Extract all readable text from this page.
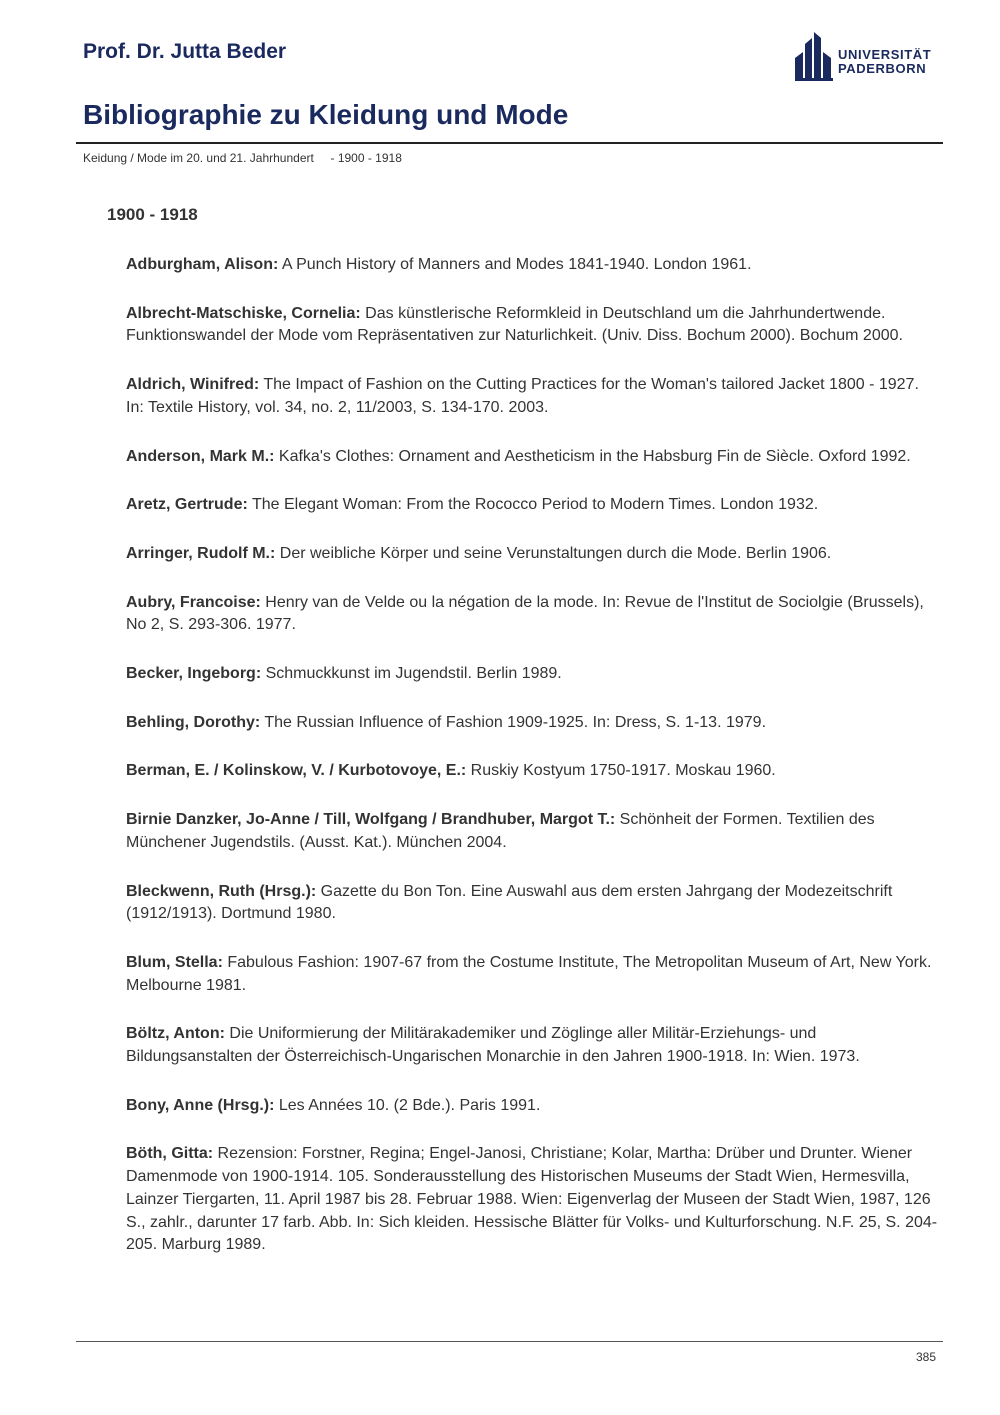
Prof. Dr. Jutta Beder	UNIVERSITÄT
PADERBORN
Bibliographie zu Kleidung und Mode
Keidung / Mode im 20. und 21. Jahrhundert     - 1900 - 1918
1900 - 1918

Adburgham, Alison: A Punch History of Manners and Modes 1841-1940. London 1961.

Albrecht-Matschiske, Cornelia: Das künstlerische Reformkleid in Deutschland um die Jahrhundertwende. Funktionswandel der Mode vom Repräsentativen zur Naturlichkeit. (Univ. Diss. Bochum 2000). Bochum 2000.

Aldrich, Winifred: The Impact of Fashion on the Cutting Practices for the Woman's tailored Jacket 1800 - 1927. In: Textile History, vol. 34, no. 2, 11/2003, S. 134-170. 2003.

Anderson, Mark M.: Kafka's Clothes: Ornament and Aestheticism in the Habsburg Fin de Siècle. Oxford 1992.

Aretz, Gertrude: The Elegant Woman: From the Rococco Period to Modern Times. London 1932.

Arringer, Rudolf M.: Der weibliche Körper und seine Verunstaltungen durch die Mode. Berlin 1906.

Aubry, Francoise: Henry van de Velde ou la négation de la mode. In: Revue de l'Institut de Sociolgie (Brussels), No 2, S. 293-306. 1977.

Becker, Ingeborg: Schmuckkunst im Jugendstil. Berlin 1989.

Behling, Dorothy: The Russian Influence of Fashion 1909-1925. In: Dress, S. 1-13. 1979.

Berman, E. / Kolinskow, V. / Kurbotovoye, E.: Ruskiy Kostyum 1750-1917. Moskau 1960.

Birnie Danzker, Jo-Anne / Till, Wolfgang / Brandhuber, Margot T.: Schönheit der Formen. Textilien des Münchener Jugendstils. (Ausst. Kat.). München 2004.

Bleckwenn, Ruth (Hrsg.): Gazette du Bon Ton. Eine Auswahl aus dem ersten Jahrgang der Modezeitschrift (1912/1913). Dortmund 1980.

Blum, Stella: Fabulous Fashion: 1907-67 from the Costume Institute, The Metropolitan Museum of Art, New York. Melbourne 1981.

Böltz, Anton: Die Uniformierung der Militärakademiker und Zöglinge aller Militär-Erziehungs- und Bildungsanstalten der Österreichisch-Ungarischen Monarchie in den Jahren 1900-1918. In: Wien. 1973.

Bony, Anne (Hrsg.): Les Années 10. (2 Bde.). Paris 1991.

Böth, Gitta: Rezension: Forstner, Regina; Engel-Janosi, Christiane; Kolar, Martha: Drüber und Drunter. Wiener Damenmode von 1900-1914. 105. Sonderausstellung des Historischen Museums der Stadt Wien, Hermesvilla, Lainzer Tiergarten, 11. April 1987 bis 28. Februar 1988. Wien: Eigenverlag der Museen der Stadt Wien, 1987, 126 S., zahlr., darunter 17 farb. Abb. In: Sich kleiden. Hessische Blätter für Volks- und Kulturforschung. N.F. 25, S. 204-205. Marburg 1989.

385
